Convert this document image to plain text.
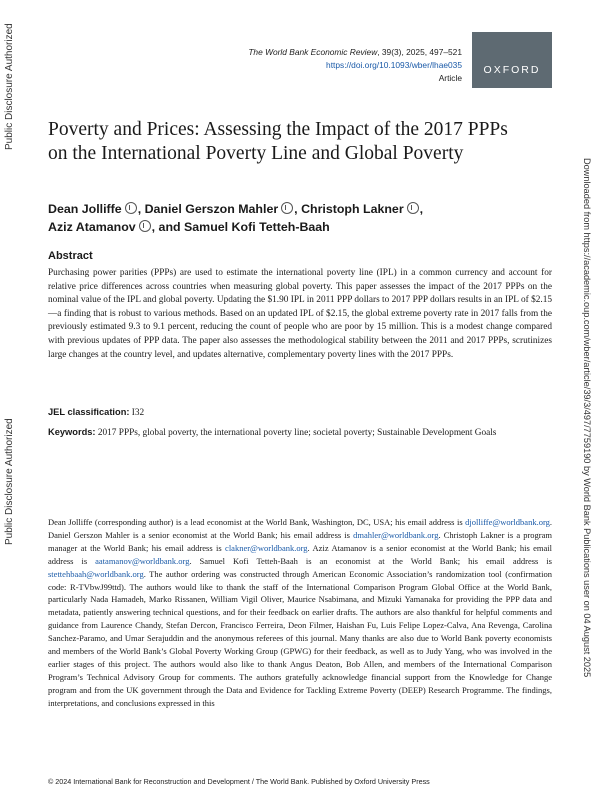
Public Disclosure Authorized
Public Disclosure Authorized	Downloaded from https://academic.oup.com/wber/article/39/3/497/7759190 by World Bank Publications user on 04 August 2025
The World Bank Economic Review, 39(3), 2025, 497–521
https://doi.org/10.1093/wber/lhae035
Article
OXFORD
Poverty and Prices: Assessing the Impact of the 2017 PPPs on the International Poverty Line and Global Poverty
Dean Jolliffe , Daniel Gerszon Mahler , Christoph Lakner ,
Aziz Atamanov , and Samuel Kofi Tetteh-Baah
Abstract

Purchasing power parities (PPPs) are used to estimate the international poverty line (IPL) in a common currency and account for relative price differences across countries when measuring global poverty. This paper assesses the impact of the 2017 PPPs on the nominal value of the IPL and global poverty. Updating the $1.90 IPL in 2011 PPP dollars to 2017 PPP dollars results in an IPL of $2.15—a finding that is robust to various methods. Based on an updated IPL of $2.15, the global extreme poverty rate in 2017 falls from the previously estimated 9.3 to 9.1 percent, reducing the count of people who are poor by 15 million. This is a modest change compared with previous updates of PPP data. The paper also assesses the methodological stability between the 2011 and 2017 PPPs, scrutinizes large changes at the country level, and updates alternative, complementary poverty lines with the 2017 PPPs.

JEL classification: I32
Keywords: 2017 PPPs, global poverty, the international poverty line; societal poverty; Sustainable Development Goals

Dean Jolliffe (corresponding author) is a lead economist at the World Bank, Washington, DC, USA; his email address is djolliffe@worldbank.org. Daniel Gerszon Mahler is a senior economist at the World Bank; his email address is dmahler@worldbank.org. Christoph Lakner is a program manager at the World Bank; his email address is clakner@worldbank.org. Aziz Atamanov is a senior economist at the World Bank; his email address is aatamanov@worldbank.org. Samuel Kofi Tetteh-Baah is an economist at the World Bank; his email address is stettehbaah@worldbank.org. The author ordering was constructed through American Economic Association’s randomization tool (confirmation code: R-TVbwJ99ttd). The authors would like to thank the staff of the International Comparison Program Global Office at the World Bank, particularly Nada Hamadeh, Marko Rissanen, William Vigil Oliver, Maurice Nsabimana, and Mizuki Yamanaka for providing the PPP data and metadata, patiently answering technical questions, and for their feedback on earlier drafts. The authors are also thankful for helpful comments and guidance from Laurence Chandy, Stefan Dercon, Francisco Ferreira, Deon Filmer, Haishan Fu, Luis Felipe Lopez-Calva, Ana Revenga, Carolina Sanchez-Paramo, and Umar Serajuddin and the anonymous referees of this journal. Many thanks are also due to World Bank poverty economists and members of the World Bank’s Global Poverty Working Group (GPWG) for their feedback, as well as to Judy Yang, who was involved in the earlier stages of this project. The authors would also like to thank Angus Deaton, Bob Allen, and members of the International Comparison Program’s Technical Advisory Group for comments. The authors gratefully acknowledge financial support from the Knowledge for Change program and from the UK government through the Data and Evidence for Tackling Extreme Poverty (DEEP) Research Programme. The findings, interpretations, and conclusions expressed in this

© 2024 International Bank for Reconstruction and Development / The World Bank. Published by Oxford University Press
